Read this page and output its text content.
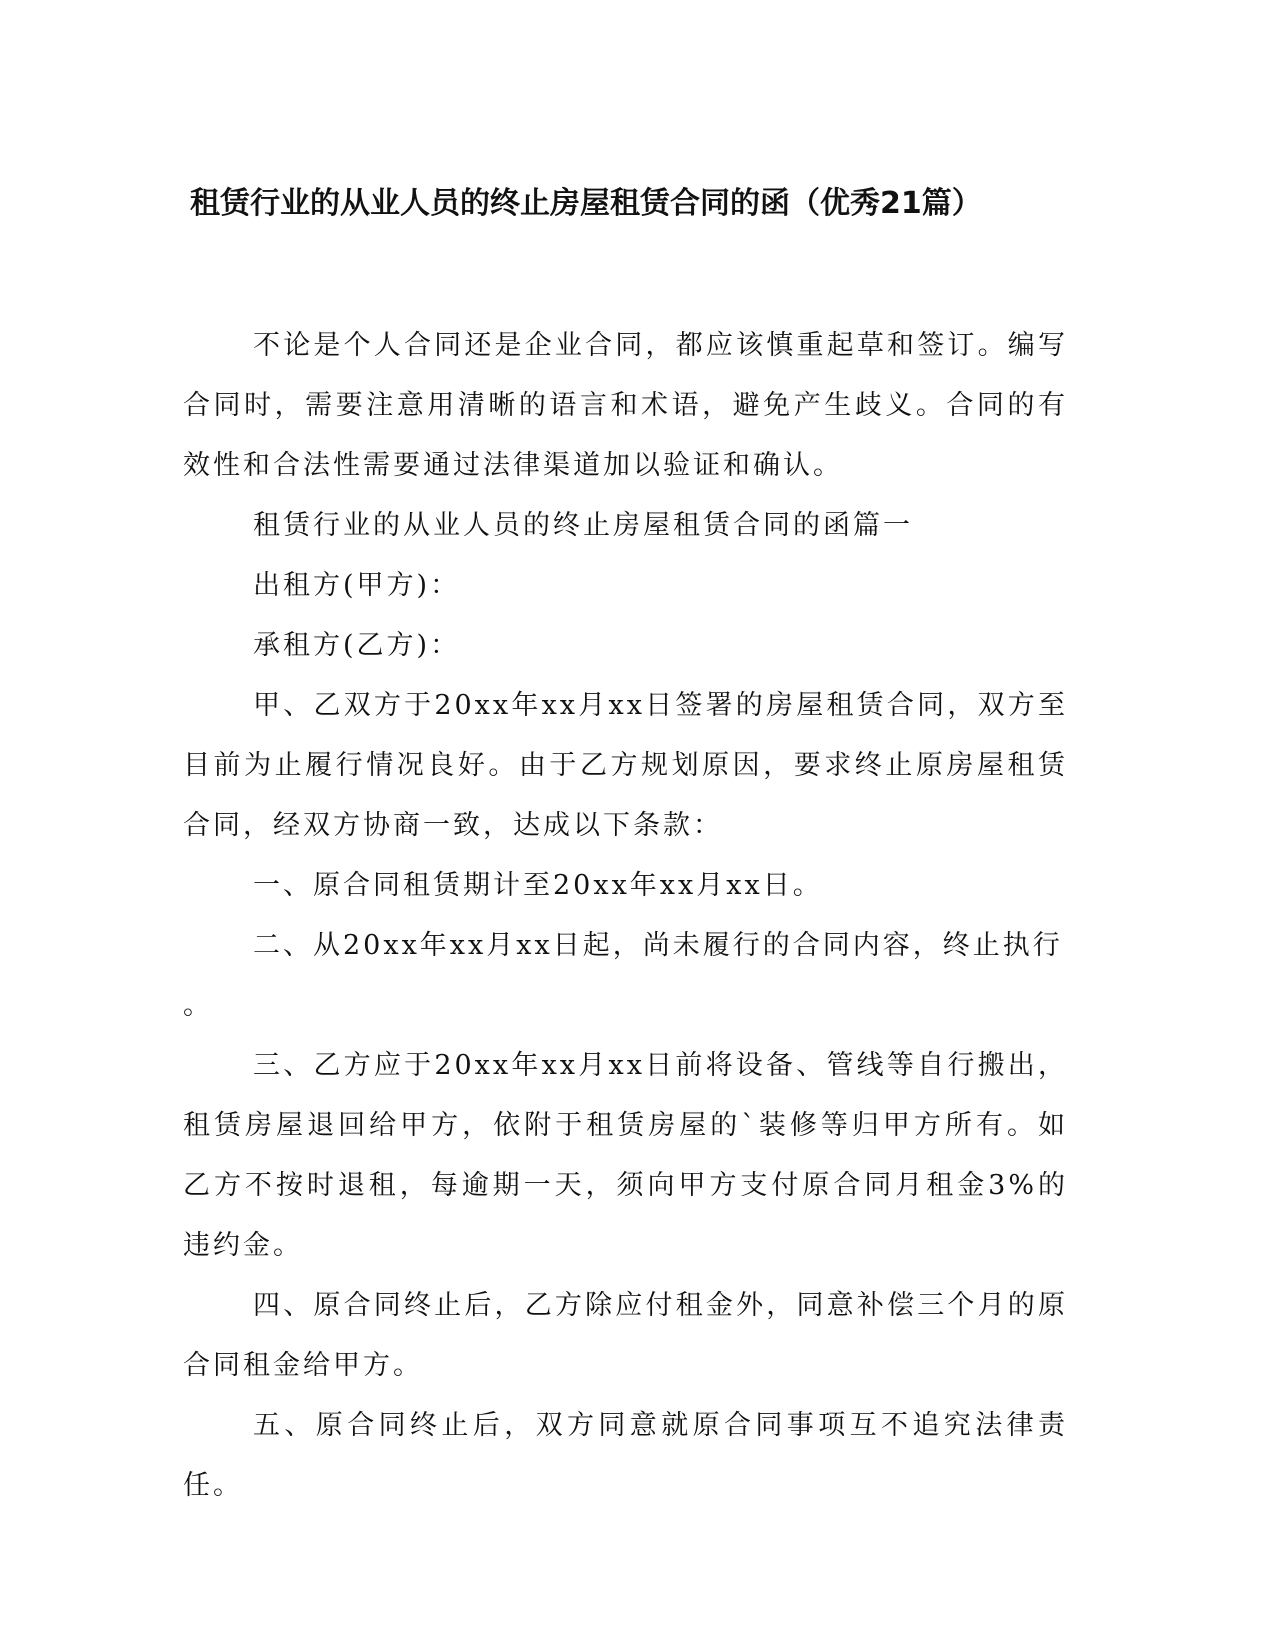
租赁行业的从业人员的终止房屋租赁合同的函（优秀21篇）

不论是个人合同还是企业合同，都应该慎重起草和签订。编写合同时，需要注意用清晰的语言和术语，避免产生歧义。合同的有效性和合法性需要通过法律渠道加以验证和确认。

租赁行业的从业人员的终止房屋租赁合同的函篇一

出租方(甲方)：

承租方(乙方)：

甲、乙双方于20xx年xx月xx日签署的房屋租赁合同，双方至目前为止履行情况良好。由于乙方规划原因，要求终止原房屋租赁合同，经双方协商一致，达成以下条款：

一、原合同租赁期计至20xx年xx月xx日。

二、从20xx年xx月xx日起，尚未履行的合同内容，终止执行

。

三、乙方应于20xx年xx月xx日前将设备、管线等自行搬出，租赁房屋退回给甲方，依附于租赁房屋的`装修等归甲方所有。如乙方不按时退租，每逾期一天，须向甲方支付原合同月租金3%的违约金。

四、原合同终止后，乙方除应付租金外，同意补偿三个月的原合同租金给甲方。

五、原合同终止后，双方同意就原合同事项互不追究法律责任。
